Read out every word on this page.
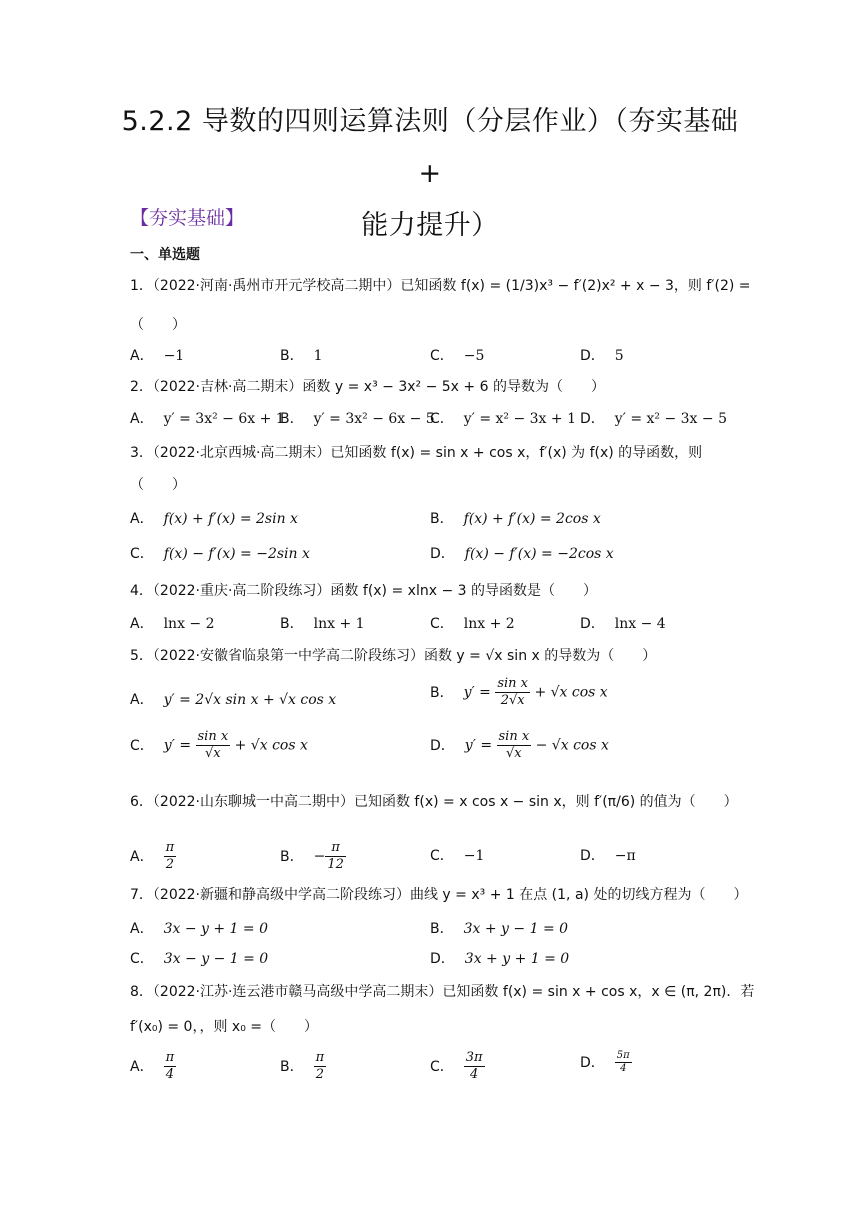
5.2.2 导数的四则运算法则（分层作业）（夯实基础+
能力提升）
【夯实基础】
一、单选题
1．（2022·河南·禹州市开元学校高二期中）已知函数 f(x) = (1/3)x³ − f′(2)x² + x − 3，则 f′(2) =
（　　）
A． −1	B． 1	C． −5	D． 5
2．（2022·吉林·高二期末）函数 y = x³ − 3x² − 5x + 6 的导数为（　　）
A． y′ = 3x² − 6x + 1
B． y′ = 3x² − 6x − 5
C． y′ = x² − 3x + 1 D． y′ = x² − 3x − 5
3．（2022·北京西城·高二期末）已知函数 f(x) = sin x + cos x，f′(x) 为 f(x) 的导函数，则
（　　）
A． f(x) + f′(x) = 2sin x	B． f(x) + f′(x) = 2cos x
C． f(x) − f′(x) = −2sin x	D． f(x) − f′(x) = −2cos x
4．（2022·重庆·高二阶段练习）函数 f(x) = xlnx − 3 的导函数是（　　）
A． lnx − 2	B． lnx + 1	C． lnx + 2	D． lnx − 4
5．（2022·安徽省临泉第一中学高二阶段练习）函数 y = √x sin x 的导数为（　　）
A． y′ = 2√x sin x + √x cos x	B． $y' = \frac{\text{sin x}}{2√x} + √x$ cos x
C． $y' = \frac{\text{sin x}}{√x} + √x$ cos x	D． $y' = \frac{\text{sin x}}{√x} - √x$ cos x
6．（2022·山东聊城一中高二期中）已知函数 f(x) = x cos x − sin x，则 f′(π/6) 的值为（　　）
A． $\frac{\pi}{2}$	B． − $\frac{\pi}{12}$	C． −1	D． −π
7．（2022·新疆和静高级中学高二阶段练习）曲线 y = x³ + 1 在点 (1, a) 处的切线方程为（　　）
A． 3x − y + 1 = 0	B． 3x + y − 1 = 0
C． 3x − y − 1 = 0	D． 3x + y + 1 = 0
8．（2022·江苏·连云港市赣马高级中学高二期末）已知函数 f(x) = sin x + cos x，x ∈ (π, 2π)．若
f′(x₀) = 0，，则 x₀ =（　　）
A． $\frac{\pi}{4}$	B． $\frac{\pi}{2}$	C． $\frac{3\pi}{4}$	D． $\frac{5\pi}{4}$
